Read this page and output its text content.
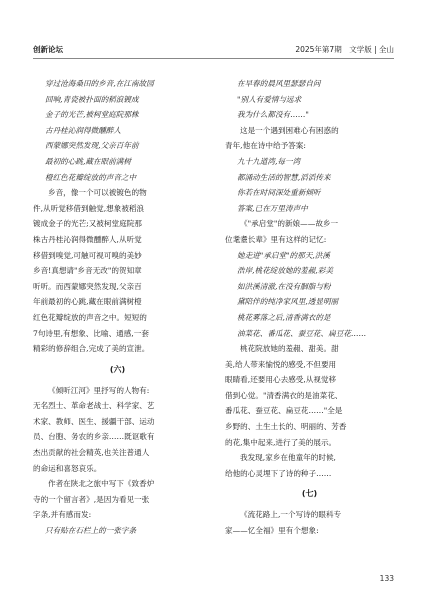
创新论坛	2025年第7期　文学版 | 全山
穿过沧海桑田的乡音,在江南故园
回响,青瓷被扑面的稻浪镀成
金子的光芒,被柯堂庭院那株
古丹桂沁润得微醺醉人
西蒙娜突然发现,父亲百年前
最初的心跳,藏在眼前满树
橙红色花瓣绽放的声音之中
乡音，像一个可以被镀色的物
件,从听觉移借到触觉,想象被稻浪
镀成金子的光芒;又被柯堂庭院那
株古丹桂沁润得微醺醉人,从听觉
移借到嗅觉,可触可视可嗅的美妙
乡音!真想请"乡音无改"的贺知章
听听。而西蒙娜突然发现,父亲百
年前最初的心跳,藏在眼前满树橙
红色花瓣绽放的声音之中。短短的
7句诗里,有想象、比喻、通感,一套
精彩的修辞组合,完成了美的宣泄。
(六)
《倾听江河》里抒写的人物有:
无名烈士、革命老战士、科学家、艺
术家、教师、医生、援疆干部、运动
员、台胞、务农的乡亲……既讴歌有
杰出贡献的社会精英,也关注普通人
的命运和喜怒哀乐。
作者在陕北之旅中写下《致香炉
寺的一个留言者》,是因为看见一张
字条,并有感而发:
只有贴在石栏上的一张字条
在早春的晨风里瑟瑟自问
"别人有爱情与远求
我为什么都没有……"
这是一个遇到困难心有困惑的
青年,他在诗中给予答案:
九十九道湾,每一湾
都涌动生活的智慧,滔滔传来
你若在时间深处重新倾听
答案,已在万里涛声中
《"承启堂"的新娘——故乡一
位耄耋长辈》里有这样的记忆:
她走进"承启堂"的那天,洪溪
浩岸,桃花绽放她的羞赧,彩美
如洪溪清澈,在没有胭脂与粉
黛陪伴的纯净家风里,透显明丽
桃花雾落之后,清香满衣的是
油菜花、番瓜花、蚕豆花、扁豆花……
桃花院放她的羞赧、甜美。甜
美,给人带来愉悦的感受,不但要用
眼睛看,还要用心去感受,从视觉移
借到心觉。"清香满衣的是油菜花、
番瓜花、蚕豆花、扁豆花……"全是
乡野的、土生土长的、明丽的、芳香
的花,集中起来,进行了美的展示。
我发现,家乡在他童年的时候,
给他的心灵埋下了诗的种子……
(七)
《流花路上,一个写诗的眼科专
家——忆全福》里有个想象:
133
